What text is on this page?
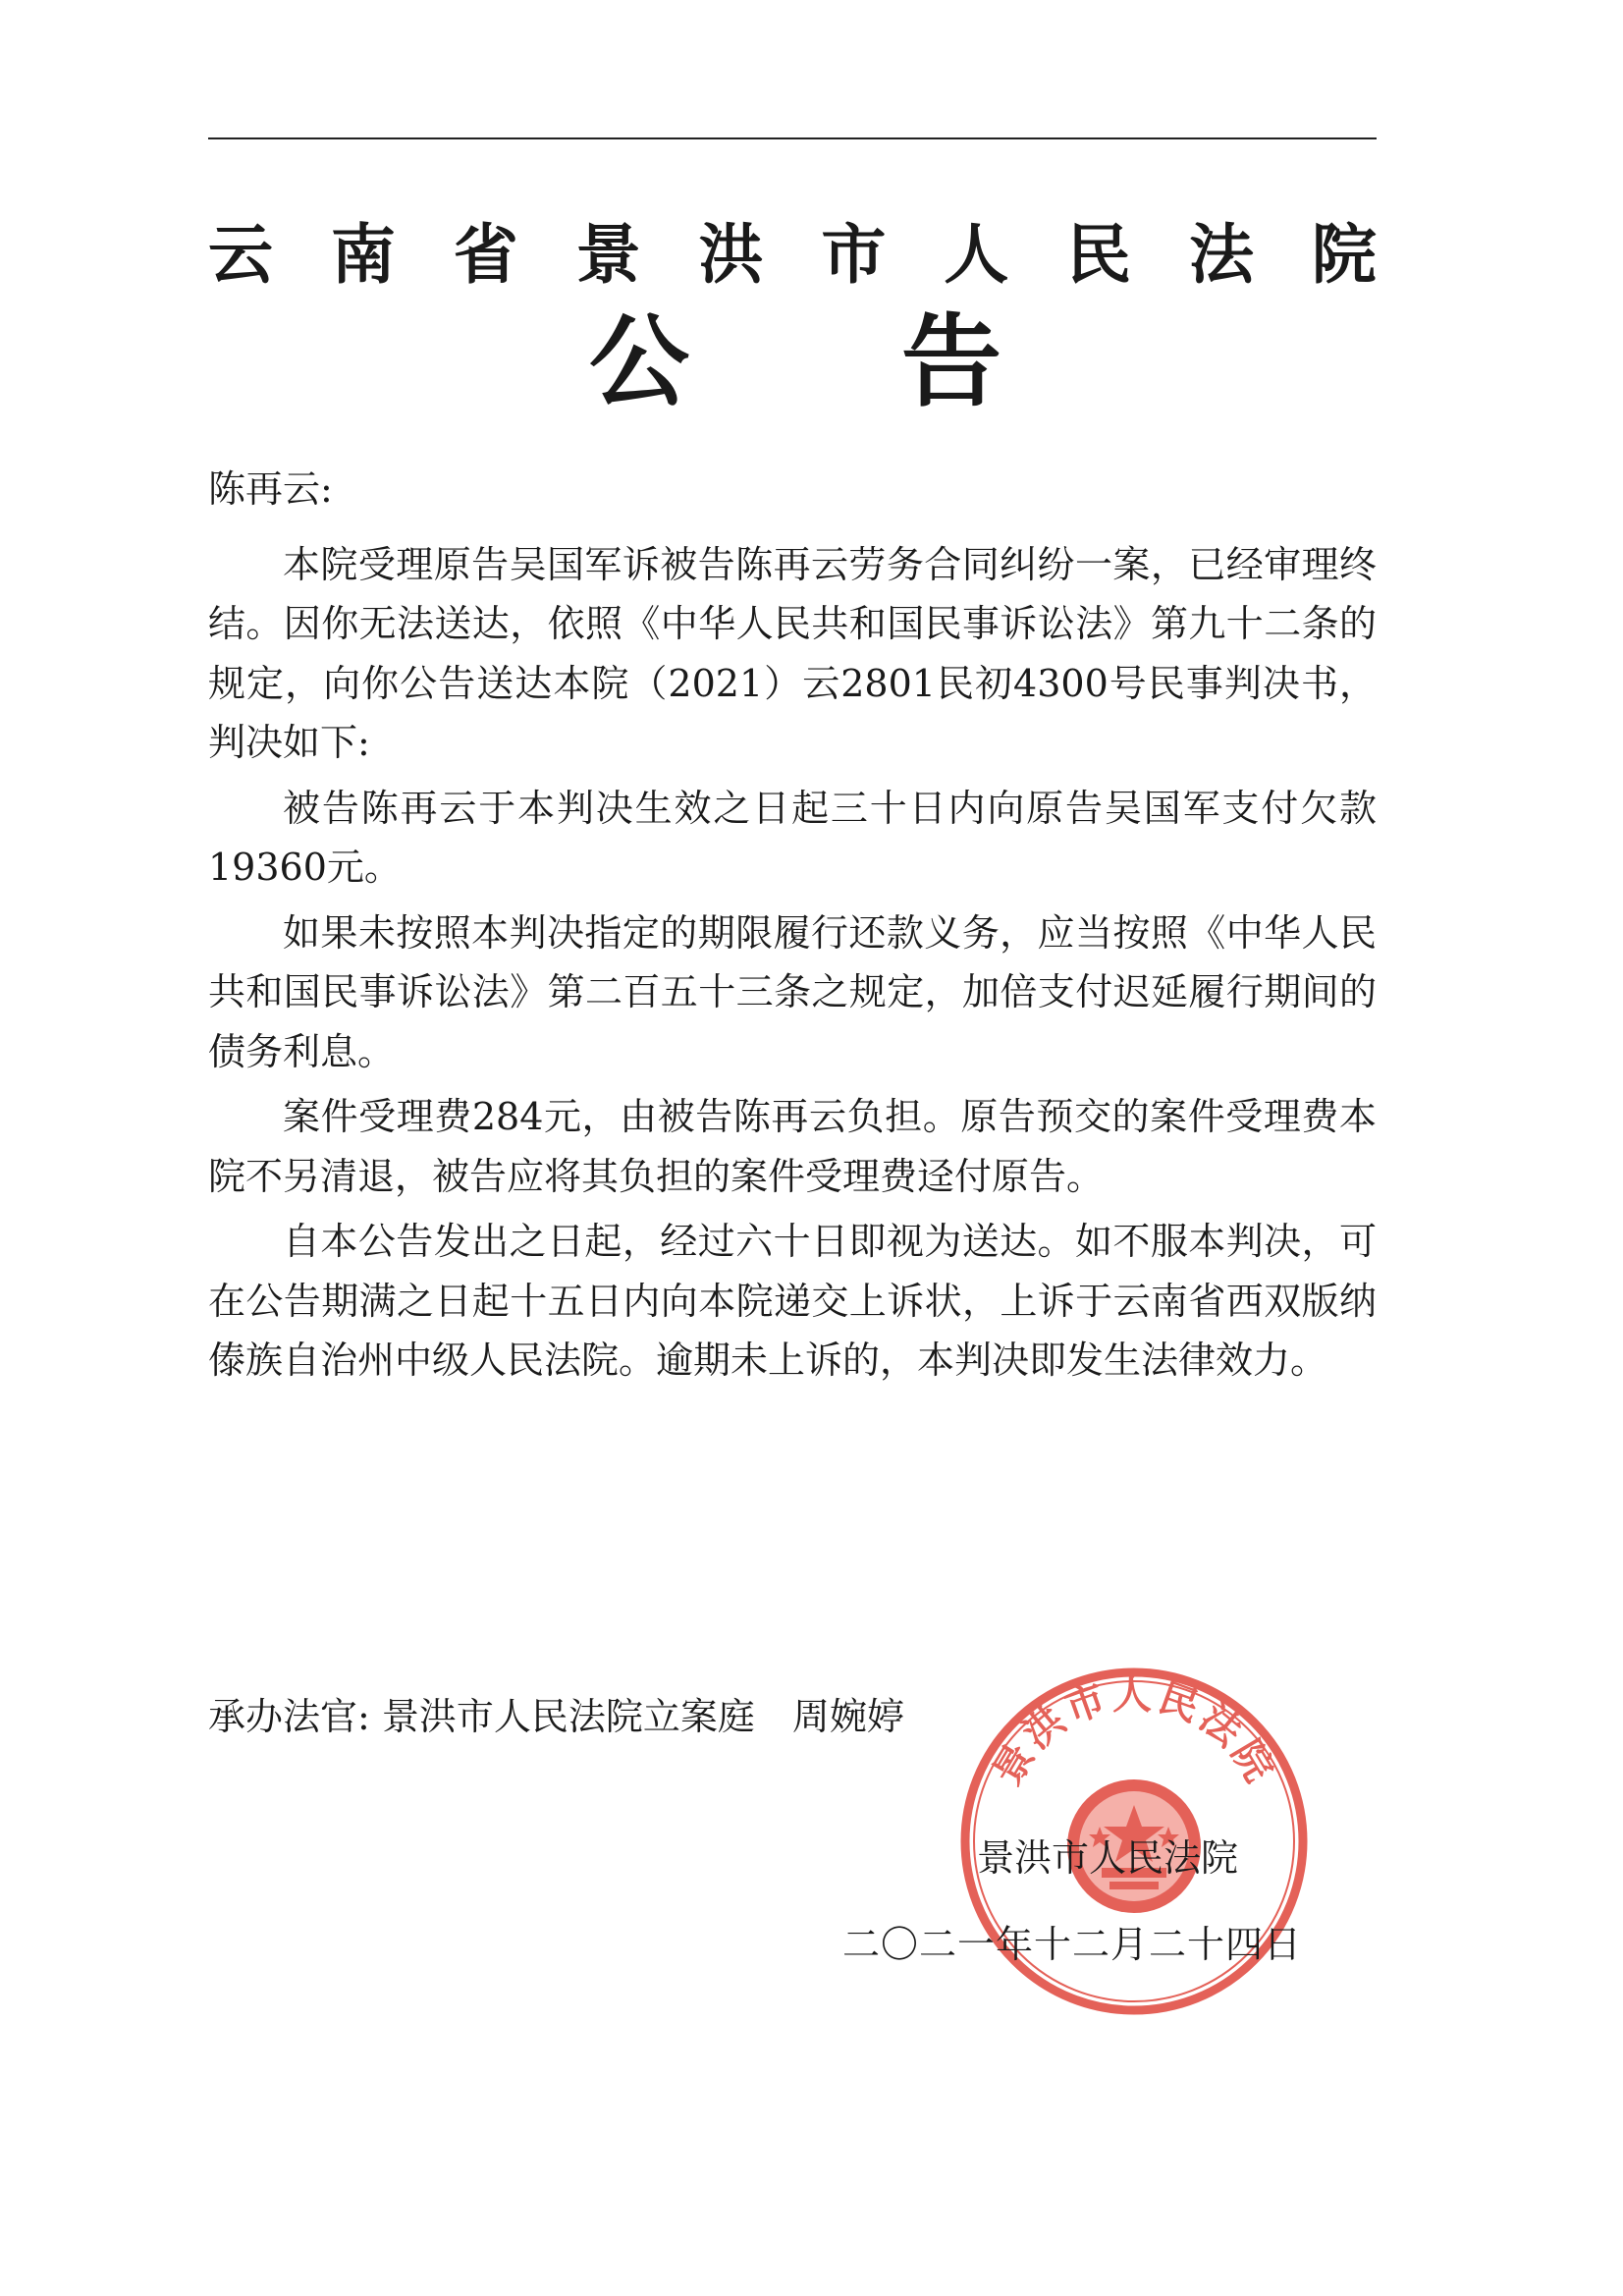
云 南 省 景 洪 市 人 民 法 院
公 告

陈再云:

本院受理原告吴国军诉被告陈再云劳务合同纠纷一案，已经审理终结。因你无法送达，依照《中华人民共和国民事诉讼法》第九十二条的规定，向你公告送达本院（2021）云2801民初4300号民事判决书，判决如下:

被告陈再云于本判决生效之日起三十日内向原告吴国军支付欠款19360元。

如果未按照本判决指定的期限履行还款义务，应当按照《中华人民共和国民事诉讼法》第二百五十三条之规定，加倍支付迟延履行期间的债务利息。

案件受理费284元，由被告陈再云负担。原告预交的案件受理费本院不另清退，被告应将其负担的案件受理费迳付原告。

自本公告发出之日起，经过六十日即视为送达。如不服本判决，可在公告期满之日起十五日内向本院递交上诉状，上诉于云南省西双版纳傣族自治州中级人民法院。逾期未上诉的，本判决即发生法律效力。

承办法官: 景洪市人民法院立案庭 周婉婷
景洪市人民法院
景洪市人民法院
二〇二一年十二月二十四日
